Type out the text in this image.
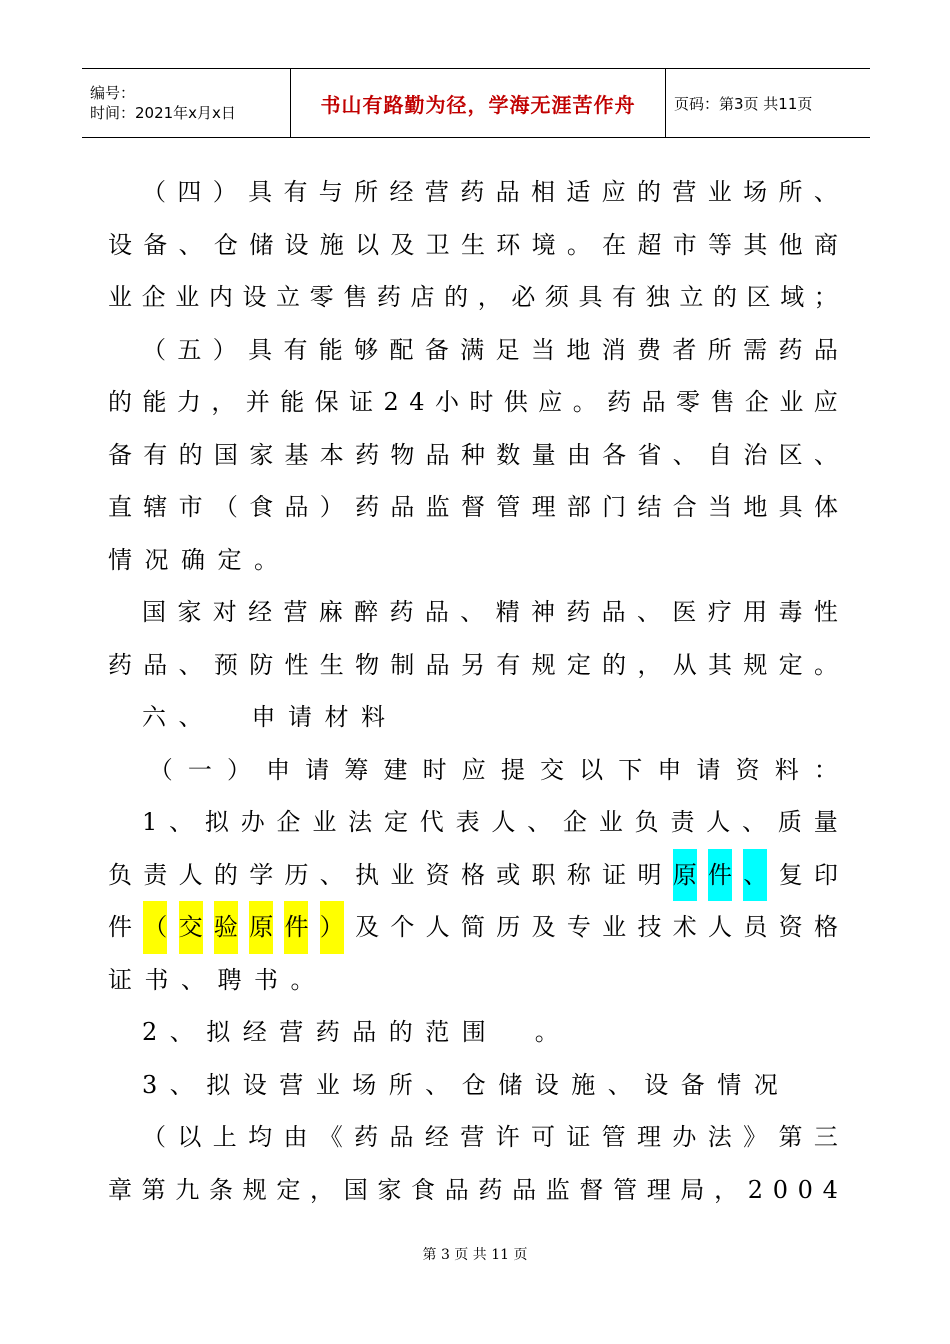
编号：
时间：2021年x月x日	书山有路勤为径，学海无涯苦作舟	页码：第3页 共11页
（ 四 ） 具 有 与 所 经 营 药 品 相 适 应 的 营 业 场 所 、
设 备 、 仓 储 设 施 以 及 卫 生 环 境 。 在 超 市 等 其 他 商
业 企 业 内 设 立 零 售 药 店 的 ， 必 须 具 有 独 立 的 区 域 ；
（ 五 ） 具 有 能 够 配 备 满 足 当 地 消 费 者 所 需 药 品
的 能 力 ， 并 能 保 证 2 4 小 时 供 应 。 药 品 零 售 企 业 应
备 有 的 国 家 基 本 药 物 品 种 数 量 由 各 省 、 自 治 区 、
直 辖 市 （ 食 品 ） 药 品 监 督 管 理 部 门 结 合 当 地 具 体
情 况 确 定 。
国 家 对 经 营 麻 醉 药 品 、 精 神 药 品 、 医 疗 用 毒 性
药 品 、 预 防 性 生 物 制 品 另 有 规 定 的 ， 从 其 规 定 。
六 、
　 申 请 材 料
（ 一 ） 申 请 筹 建 时 应 提 交 以 下 申 请 资 料 ：
1 、 拟 办 企 业 法 定 代 表 人 、 企 业 负 责 人 、 质 量
负 责 人 的 学 历 、 执 业 资 格 或 职 称 证 明 原 件 、 复 印
件 （ 交 验 原 件 ） 及 个 人 简 历 及 专 业 技 术 人 员 资 格
证 书 、 聘 书 。
2 、 拟 经 营 药 品 的 范 围
　 。
3 、 拟 设 营 业 场 所 、 仓 储 设 施 、 设 备 情 况
（ 以 上 均 由 《 药 品 经 营 许 可 证 管 理 办 法 》 第 三
章 第 九 条 规 定 ， 国 家 食 品 药 品 监 督 管 理 局 ， 2 0 0 4
第 3 页 共 11 页
